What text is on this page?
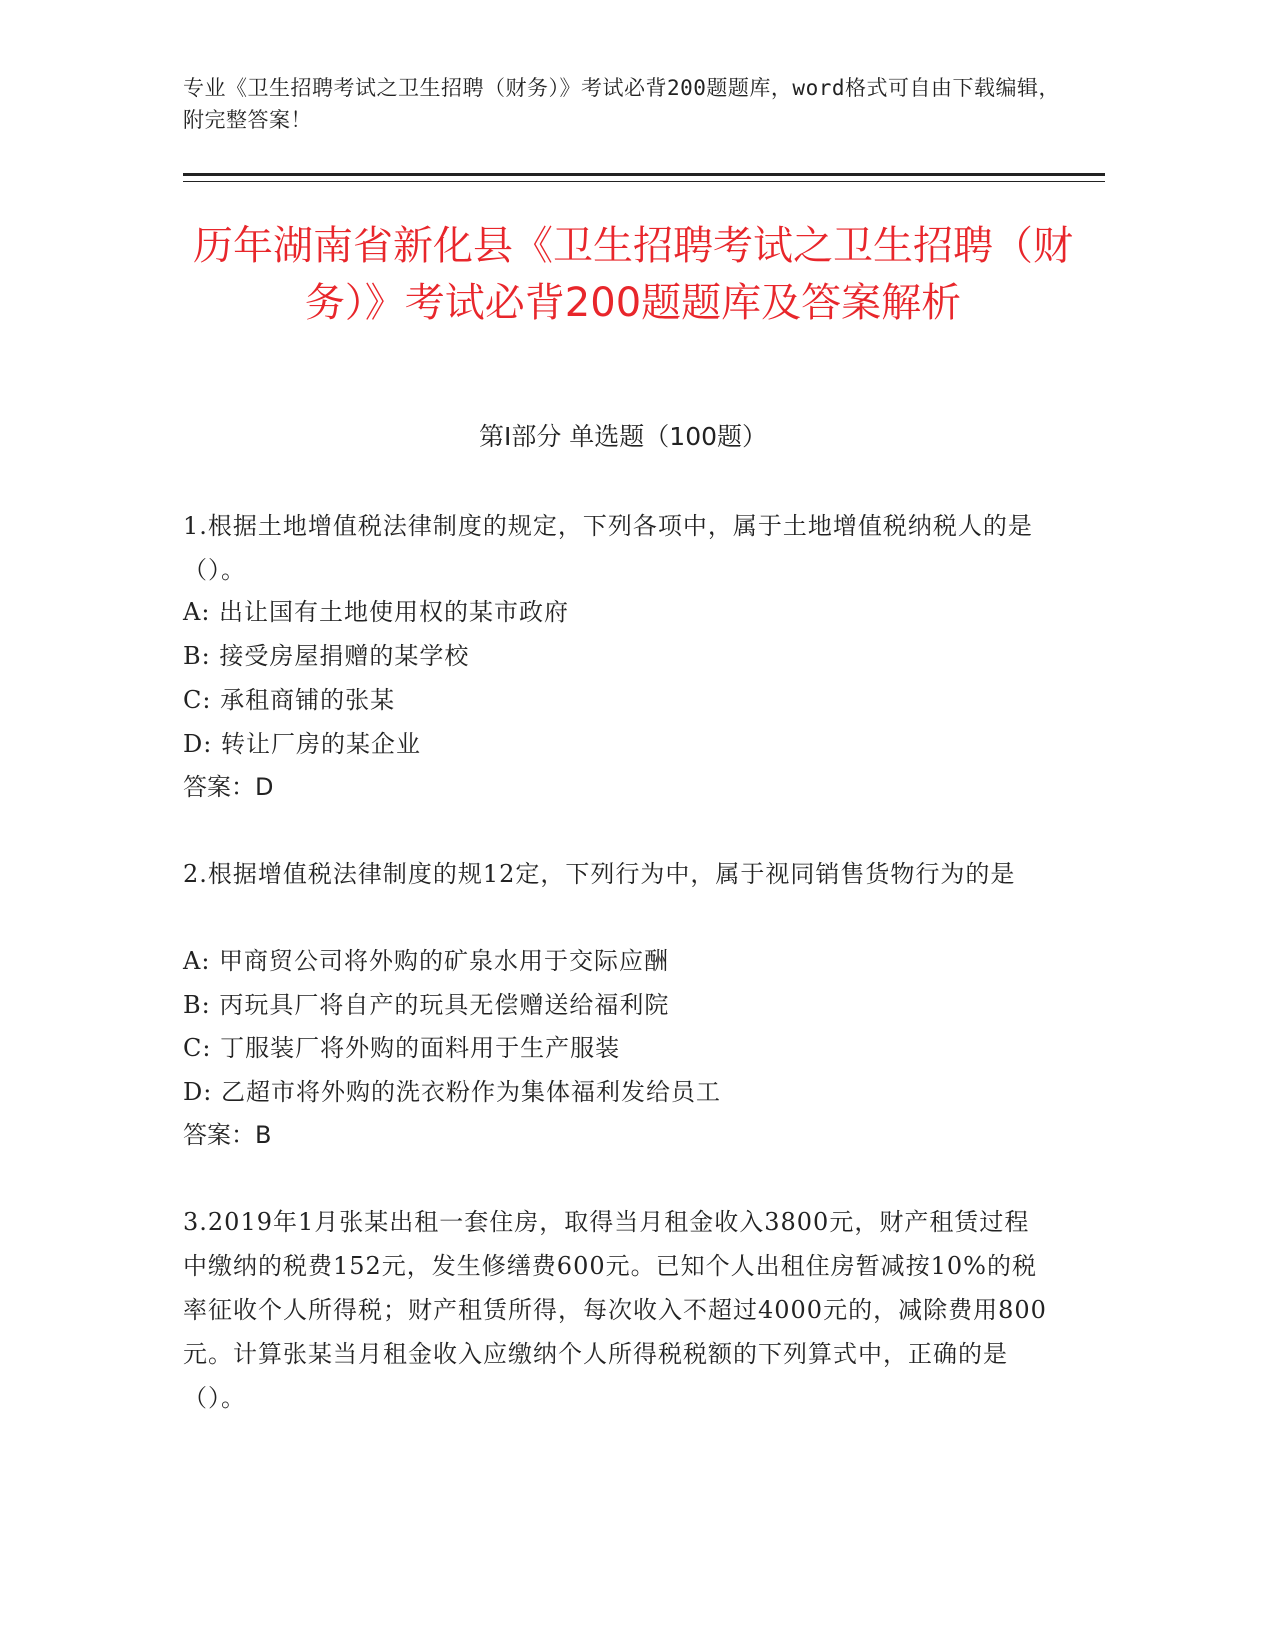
专业《卫生招聘考试之卫生招聘（财务）》考试必背200题题库，word格式可自由下载编辑，附完整答案！
历年湖南省新化县《卫生招聘考试之卫生招聘（财务）》考试必背200题题库及答案解析
第Ⅰ部分 单选题（100题）
1.根据土地增值税法律制度的规定，下列各项中，属于土地增值税纳税人的是（）。
A: 出让国有土地使用权的某市政府
B: 接受房屋捐赠的某学校
C: 承租商铺的张某
D: 转让厂房的某企业
答案：D
2.根据增值税法律制度的规12定，下列行为中，属于视同销售货物行为的是
A: 甲商贸公司将外购的矿泉水用于交际应酬
B: 丙玩具厂将自产的玩具无偿赠送给福利院
C: 丁服装厂将外购的面料用于生产服装
D: 乙超市将外购的洗衣粉作为集体福利发给员工
答案：B
3.2019年1月张某出租一套住房，取得当月租金收入3800元，财产租赁过程中缴纳的税费152元，发生修缮费600元。已知个人出租住房暂减按10%的税率征收个人所得税；财产租赁所得，每次收入不超过4000元的，减除费用800元。计算张某当月租金收入应缴纳个人所得税税额的下列算式中，正确的是（）。
